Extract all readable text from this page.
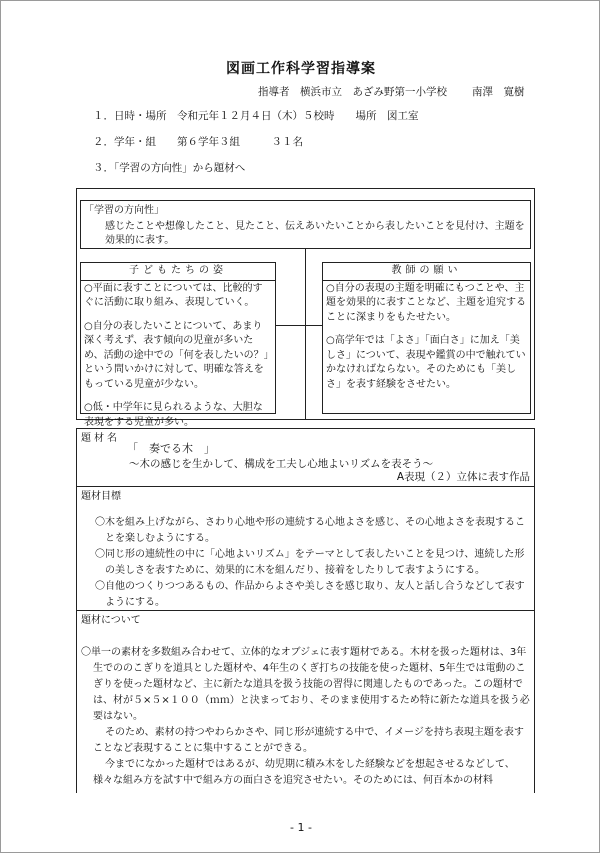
図画工作科学習指導案
指導者 横浜市立　あざみ野第一小学校 南澤　寛樹
１．日時・場所　令和元年１２月４日（木）５校時　　場所　図工室
２．学年・組　　第６学年３組　　　３１名
３．「学習の方向性」から題材へ
「学習の方向性」
感じたことや想像したこと、見たこと、伝えあいたいことから表したいことを見付け、主題を効果的に表す。
子どもたちの姿
○平面に表すことについては、比較的すぐに活動に取り組み、表現していく。
○自分の表したいことについて、あまり深く考えず、表す傾向の児童が多いため、活動の途中での「何を表したいの？」という問いかけに対して、明確な答えをもっている児童が少ない。
○低・中学年に見られるような、大胆な表現をする児童が多い。
教師の願い
○自分の表現の主題を明確にもつことや、主題を効果的に表すことなど、主題を追究することに深まりをもたせたい。
○高学年では「よさ」「面白さ」に加え「美しさ」について、表現や鑑賞の中で触れていかなければならない。そのためにも「美しさ」を表す経験をさせたい。
題材名
「　奏でる木　」
～木の感じを生かして、構成を工夫し心地よいリズムを表そう～
A表現（２）立体に表す作品
題材目標
〇木を組み上げながら、さわり心地や形の連続する心地よさを感じ、その心地よさを表現することを楽しむようにする。
〇同じ形の連続性の中に「心地よいリズム」をテーマとして表したいことを見つけ、連続した形の美しさを表すために、効果的に木を組んだり、接着をしたりして表すようにする。
〇自他のつくりつつあるもの、作品からよさや美しさを感じ取り、友人と話し合うなどして表すようにする。
題材について
〇単一の素材を多数組み合わせて、立体的なオブジェに表す題材である。木材を扱った題材は、3年生でののこぎりを道具とした題材や、4年生のくぎ打ちの技能を使った題材、5年生では電動のこぎりを使った題材など、主に新たな道具を扱う技能の習得に関連したものであった。この題材では、材が５×５×１００（ｍｍ）と決まっており、そのまま使用するため特に新たな道具を扱う必要はない。
そのため、素材の持つやわらかさや、同じ形が連続する中で、イメージを持ち表現主題を表すことなど表現することに集中することができる。
今までになかった題材ではあるが、幼児期に積み木をした経験などを想起させるなどして、様々な組み方を試す中で組み方の面白さを追究させたい。そのためには、何百本かの材料
- 1 -
